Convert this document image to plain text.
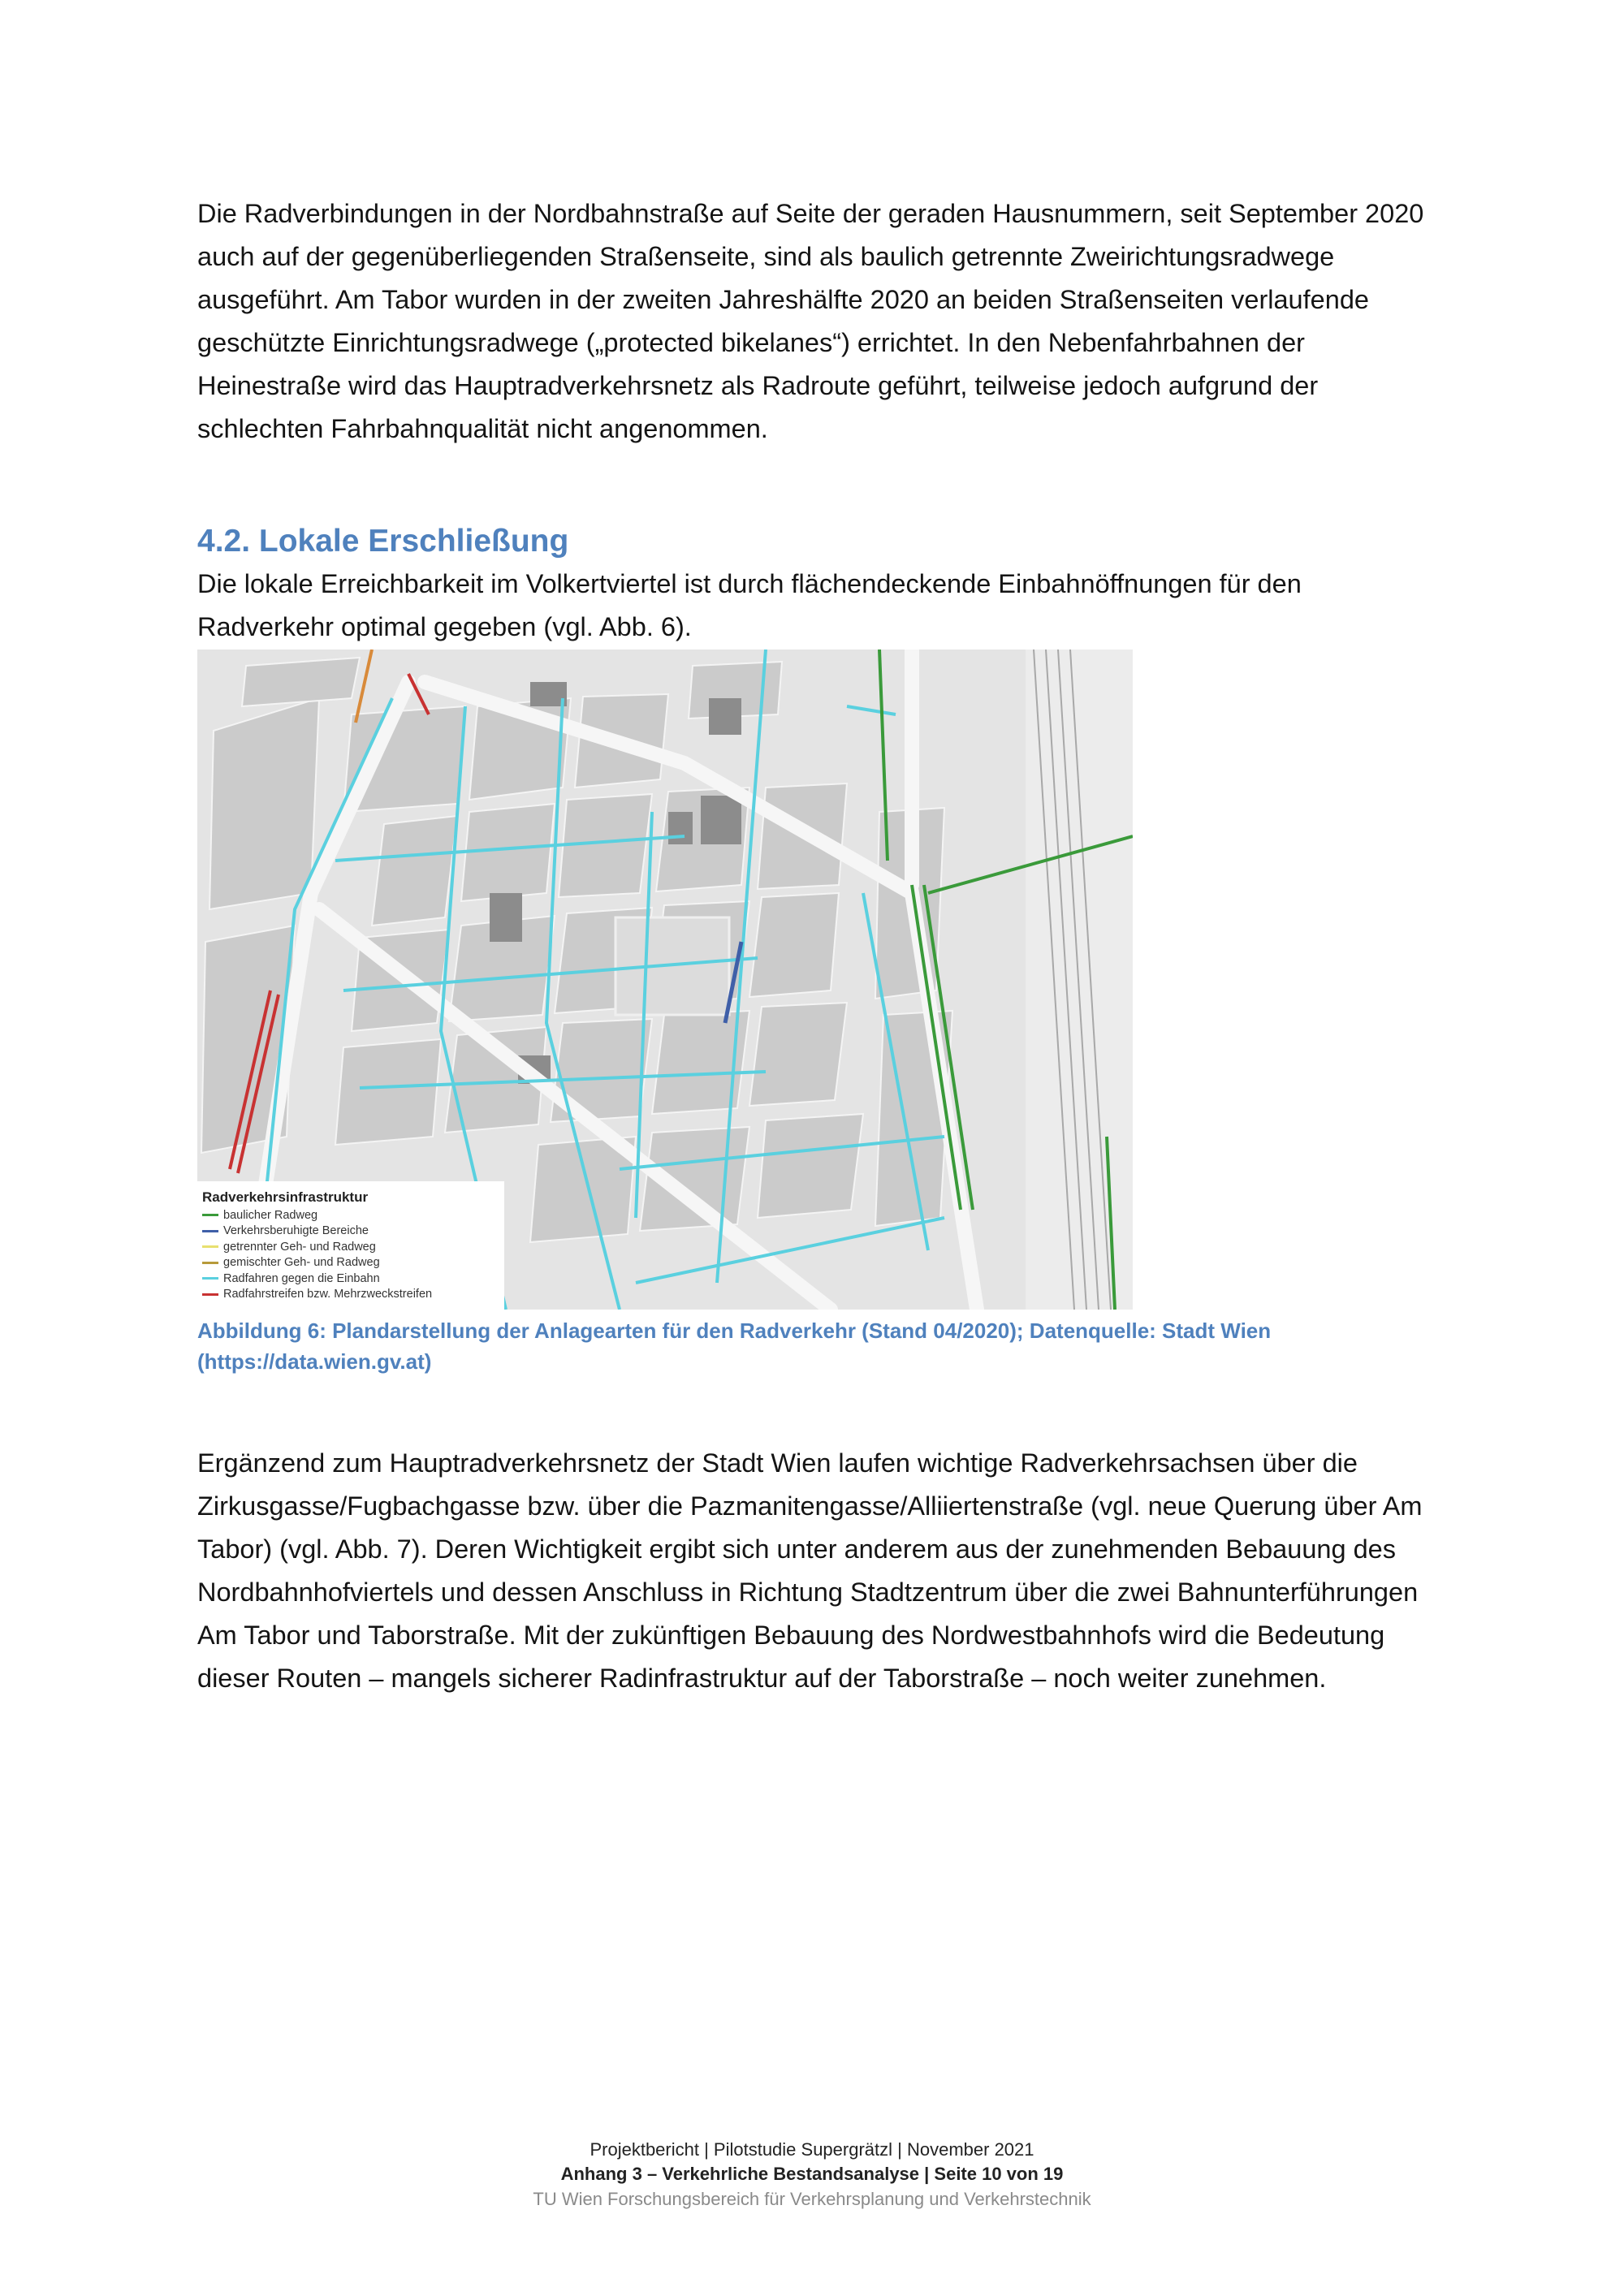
Die Radverbindungen in der Nordbahnstraße auf Seite der geraden Hausnummern, seit September 2020 auch auf der gegenüberliegenden Straßenseite, sind als baulich getrennte Zweirichtungsradwege ausgeführt. Am Tabor wurden in der zweiten Jahreshälfte 2020 an beiden Straßenseiten verlaufende geschützte Einrichtungsradwege („protected bikelanes“) errichtet. In den Nebenfahrbahnen der Heinestraße wird das Hauptradverkehrsnetz als Radroute geführt, teilweise jedoch aufgrund der schlechten Fahrbahnqualität nicht angenommen.

4.2. Lokale Erschließung

Die lokale Erreichbarkeit im Volkertviertel ist durch flächendeckende Einbahnöffnungen für den Radverkehr optimal gegeben (vgl. Abb. 6).

Radverkehrsinfrastruktur

baulicher Radweg
Verkehrsberuhigte Bereiche
getrennter Geh- und Radweg
gemischter Geh- und Radweg
Radfahren gegen die Einbahn
Radfahrstreifen bzw. Mehrzweckstreifen

Abbildung 6: Plandarstellung der Anlagearten für den Radverkehr (Stand 04/2020); Datenquelle: Stadt Wien (https://data.wien.gv.at)

Ergänzend zum Hauptradverkehrsnetz der Stadt Wien laufen wichtige Radverkehrsachsen über die Zirkusgasse/Fugbachgasse bzw. über die Pazmanitengasse/Alliiertenstraße (vgl. neue Querung über Am Tabor) (vgl. Abb. 7). Deren Wichtigkeit ergibt sich unter anderem aus der zunehmenden Bebauung des Nordbahnhofviertels und dessen Anschluss in Richtung Stadtzentrum über die zwei Bahnunterführungen Am Tabor und Taborstraße. Mit der zukünftigen Bebauung des Nordwestbahnhofs wird die Bedeutung dieser Routen – mangels sicherer Radinfrastruktur auf der Taborstraße – noch weiter zunehmen.

Projektbericht | Pilotstudie Supergrätzl | November 2021

Anhang 3 – Verkehrliche Bestandsanalyse | Seite 10 von 19

TU Wien Forschungsbereich für Verkehrsplanung und Verkehrstechnik
